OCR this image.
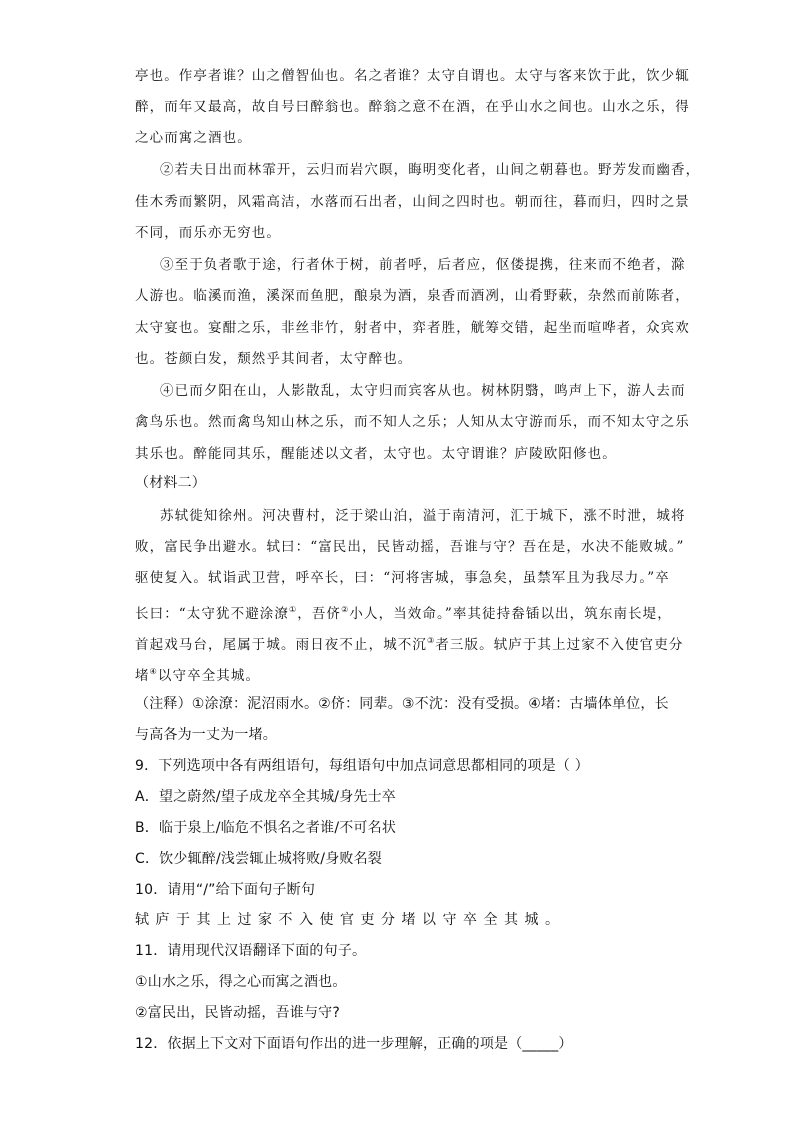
亭也。作亭者谁？山之僧智仙也。名之者谁？太守自谓也。太守与客来饮于此，饮少辄
醉，而年又最高，故自号曰醉翁也。醉翁之意不在酒，在乎山水之间也。山水之乐，得
之心而寓之酒也。
②若夫日出而林霏开，云归而岩穴暝，晦明变化者，山间之朝暮也。野芳发而幽香，
佳木秀而繁阴，风霜高洁，水落而石出者，山间之四时也。朝而往，暮而归，四时之景
不同，而乐亦无穷也。
③至于负者歌于途，行者休于树，前者呼，后者应，伛偻提携，往来而不绝者，滁
人游也。临溪而渔，溪深而鱼肥，酿泉为酒，泉香而酒冽，山肴野蔌，杂然而前陈者，
太守宴也。宴酣之乐，非丝非竹，射者中，弈者胜，觥筹交错，起坐而喧哗者，众宾欢
也。苍颜白发，颓然乎其间者，太守醉也。
④已而夕阳在山，人影散乱，太守归而宾客从也。树林阴翳，鸣声上下，游人去而
禽鸟乐也。然而禽鸟知山林之乐，而不知人之乐；人知从太守游而乐，而不知太守之乐
其乐也。醉能同其乐，醒能述以文者，太守也。太守谓谁？庐陵欧阳修也。
（材料二）
苏轼徙知徐州。河决曹村，泛于梁山泊，溢于南清河，汇于城下，涨不时泄，城将
败，富民争出避水。轼曰：“富民出，民皆动摇，吾谁与守？吾在是，水决不能败城。”
驱使复入。轼诣武卫营，呼卒长，曰：“河将害城，事急矣，虽禁军且为我尽力。”卒
长曰：“太守犹不避涂潦①，吾侪②小人，当效命。”率其徒持畚锸以出，筑东南长堤，
首起戏马台，尾属于城。雨日夜不止，城不沉③者三版。轼庐于其上过家不入使官吏分
堵④以守卒全其城。
（注释）①涂潦：泥沼雨水。②侪：同辈。③不沈：没有受损。④堵：古墙体单位，长
与高各为一丈为一堵。
9．下列选项中各有两组语句，每组语句中加点词意思都相同的项是（ ）
A．望之蔚然/望子成龙卒全其城/身先士卒
B．临于泉上/临危不惧名之者谁/不可名状
C．饮少辄醉/浅尝辄止城将败/身败名裂
10．请用“/”给下面句子断句
轼庐于其上过家不入使官吏分堵以守卒全其城。
11．请用现代汉语翻译下面的句子。
①山水之乐，得之心而寓之酒也。
②富民出，民皆动摇，吾谁与守?
12．依据上下文对下面语句作出的进一步理解，正确的项是（_____）
